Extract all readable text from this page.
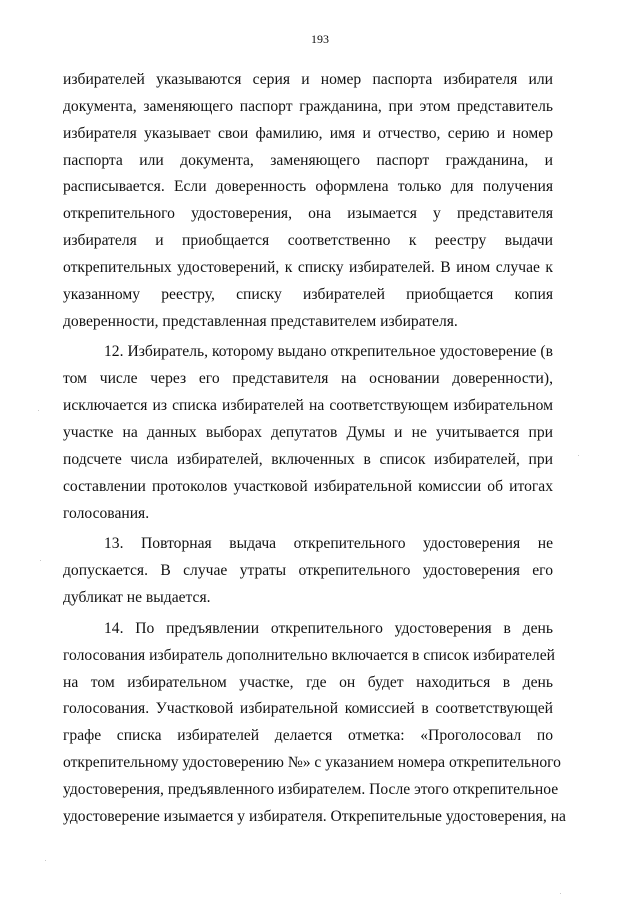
193
избирателей указываются серия и номер паспорта избирателя или
документа, заменяющего паспорт гражданина, при этом представитель
избирателя указывает свои фамилию, имя и отчество, серию и номер
паспорта или документа, заменяющего паспорт гражданина, и
расписывается. Если доверенность оформлена только для получения
открепительного удостоверения, она изымается у представителя
избирателя и приобщается соответственно к реестру выдачи
открепительных удостоверений, к списку избирателей. В ином случае к
указанному реестру, списку избирателей приобщается копия
доверенности, представленная представителем избирателя.
12. Избиратель, которому выдано открепительное удостоверение (в
том числе через его представителя на основании доверенности),
исключается из списка избирателей на соответствующем избирательном
участке на данных выборах депутатов Думы и не учитывается при
подсчете числа избирателей, включенных в список избирателей, при
составлении протоколов участковой избирательной комиссии об итогах
голосования.
13. Повторная выдача открепительного удостоверения не
допускается. В случае утраты открепительного удостоверения его
дубликат не выдается.
14. По предъявлении открепительного удостоверения в день
голосования избиратель дополнительно включается в список избирателей
на том избирательном участке, где он будет находиться в день
голосования. Участковой избирательной комиссией в соответствующей
графе списка избирателей делается отметка: «Проголосовал по
открепительному удостоверению №» с указанием номера открепительного
удостоверения, предъявленного избирателем. После этого открепительное
удостоверение изымается у избирателя. Открепительные удостоверения, на
